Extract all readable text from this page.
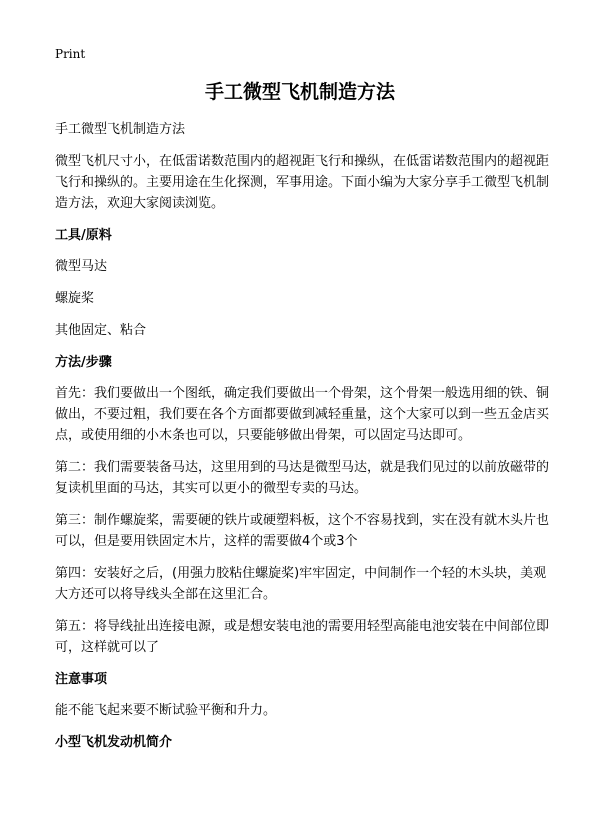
Print
手工微型飞机制造方法

手工微型飞机制造方法

微型飞机尺寸小，在低雷诺数范围内的超视距飞行和操纵，在低雷诺数范围内的超视距飞行和操纵的。主要用途在生化探测，军事用途。下面小编为大家分享手工微型飞机制造方法，欢迎大家阅读浏览。

工具/原料

微型马达

螺旋桨

其他固定、粘合

方法/步骤

首先：我们要做出一个图纸，确定我们要做出一个骨架，这个骨架一般选用细的铁、铜做出，不要过粗，我们要在各个方面都要做到减轻重量，这个大家可以到一些五金店买点，或使用细的小木条也可以，只要能够做出骨架，可以固定马达即可。

第二：我们需要装备马达，这里用到的马达是微型马达，就是我们见过的以前放磁带的复读机里面的马达，其实可以更小的微型专卖的马达。

第三：制作螺旋桨，需要硬的铁片或硬塑料板，这个不容易找到，实在没有就木头片也可以，但是要用铁固定木片，这样的需要做4个或3个

第四：安装好之后，(用强力胶粘住螺旋桨)牢牢固定，中间制作一个轻的木头块，美观大方还可以将导线头全部在这里汇合。

第五：将导线扯出连接电源，或是想安装电池的需要用轻型高能电池安装在中间部位即可，这样就可以了

注意事项

能不能飞起来要不断试验平衡和升力。

小型飞机发动机简介
